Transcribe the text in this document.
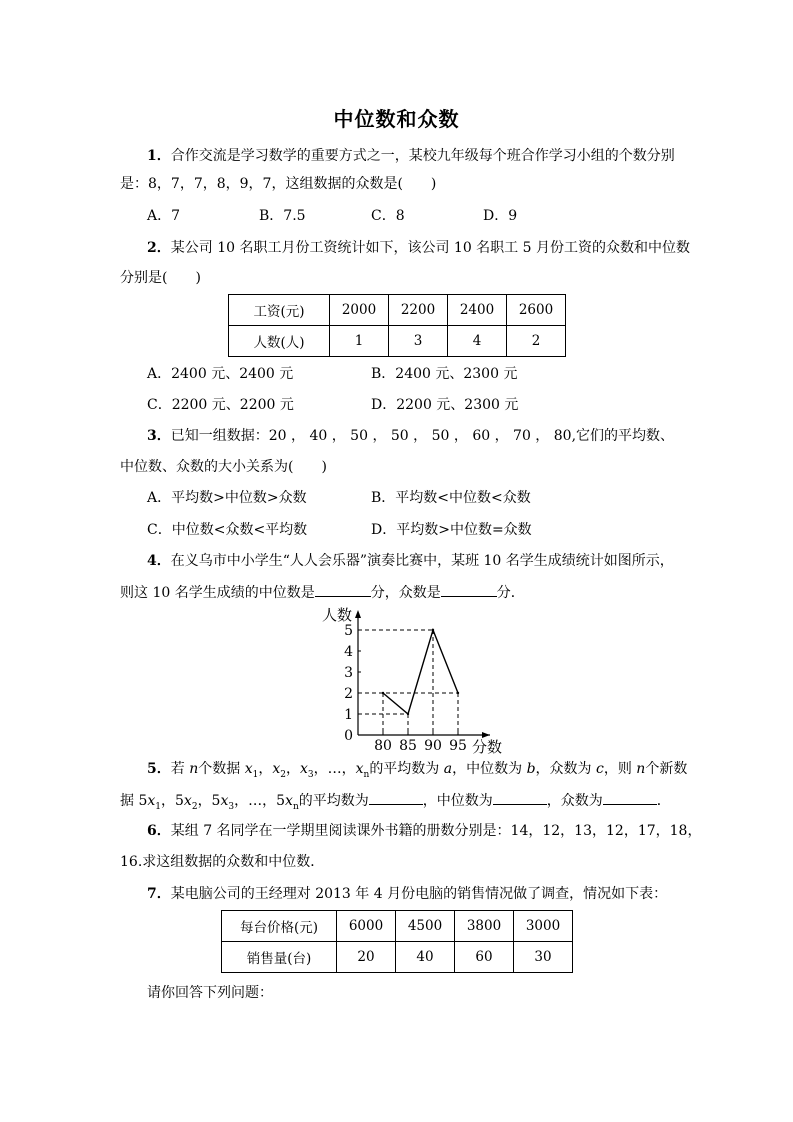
中位数和众数
1．合作交流是学习数学的重要方式之一，某校九年级每个班合作学习小组的个数分别
是：8，7，7，8，9，7，这组数据的众数是(　　)
A．7	B．7.5	C．8	D．9
2．某公司 10 名职工月份工资统计如下，该公司 10 名职工 5 月份工资的众数和中位数
分别是(　　)
工资(元)	2000	2200	2400	2600
人数(人)	1	3	4	2
A．2400 元、2400 元	B．2400 元、2300 元
C．2200 元、2200 元	D．2200 元、2300 元
3．已知一组数据：20 ， 40 ， 50 ， 50 ， 50 ， 60 ， 70 ， 80,它们的平均数、
中位数、众数的大小关系为(　　)
A．平均数>中位数>众数	B．平均数<中位数<众数
C．中位数<众数<平均数	D．平均数>中位数=众数
4．在义乌市中小学生“人人会乐器”演奏比赛中，某班 10 名学生成绩统计如图所示，
则这 10 名学生成绩的中位数是	分，众数是	分．
0
1
2
3
4
5
80 85 90 95
人数
分数
5．若 n个数据 $x_1$，$x_2$，$x_3$，…，$x_n$的平均数为 a，中位数为 b，众数为 c，则 n个新数
据 $5x_1$，$5x_2$，$5x_3$，…，$5x_n$的平均数为	，中位数为	，众数为	．
6．某组 7 名同学在一学期里阅读课外书籍的册数分别是：14，12，13，12，17，18，
16.求这组数据的众数和中位数．
7．某电脑公司的王经理对 2013 年 4 月份电脑的销售情况做了调查，情况如下表：
每台价格(元)	6000	4500	3800	3000
销售量(台)	20	40	60	30
请你回答下列问题：
